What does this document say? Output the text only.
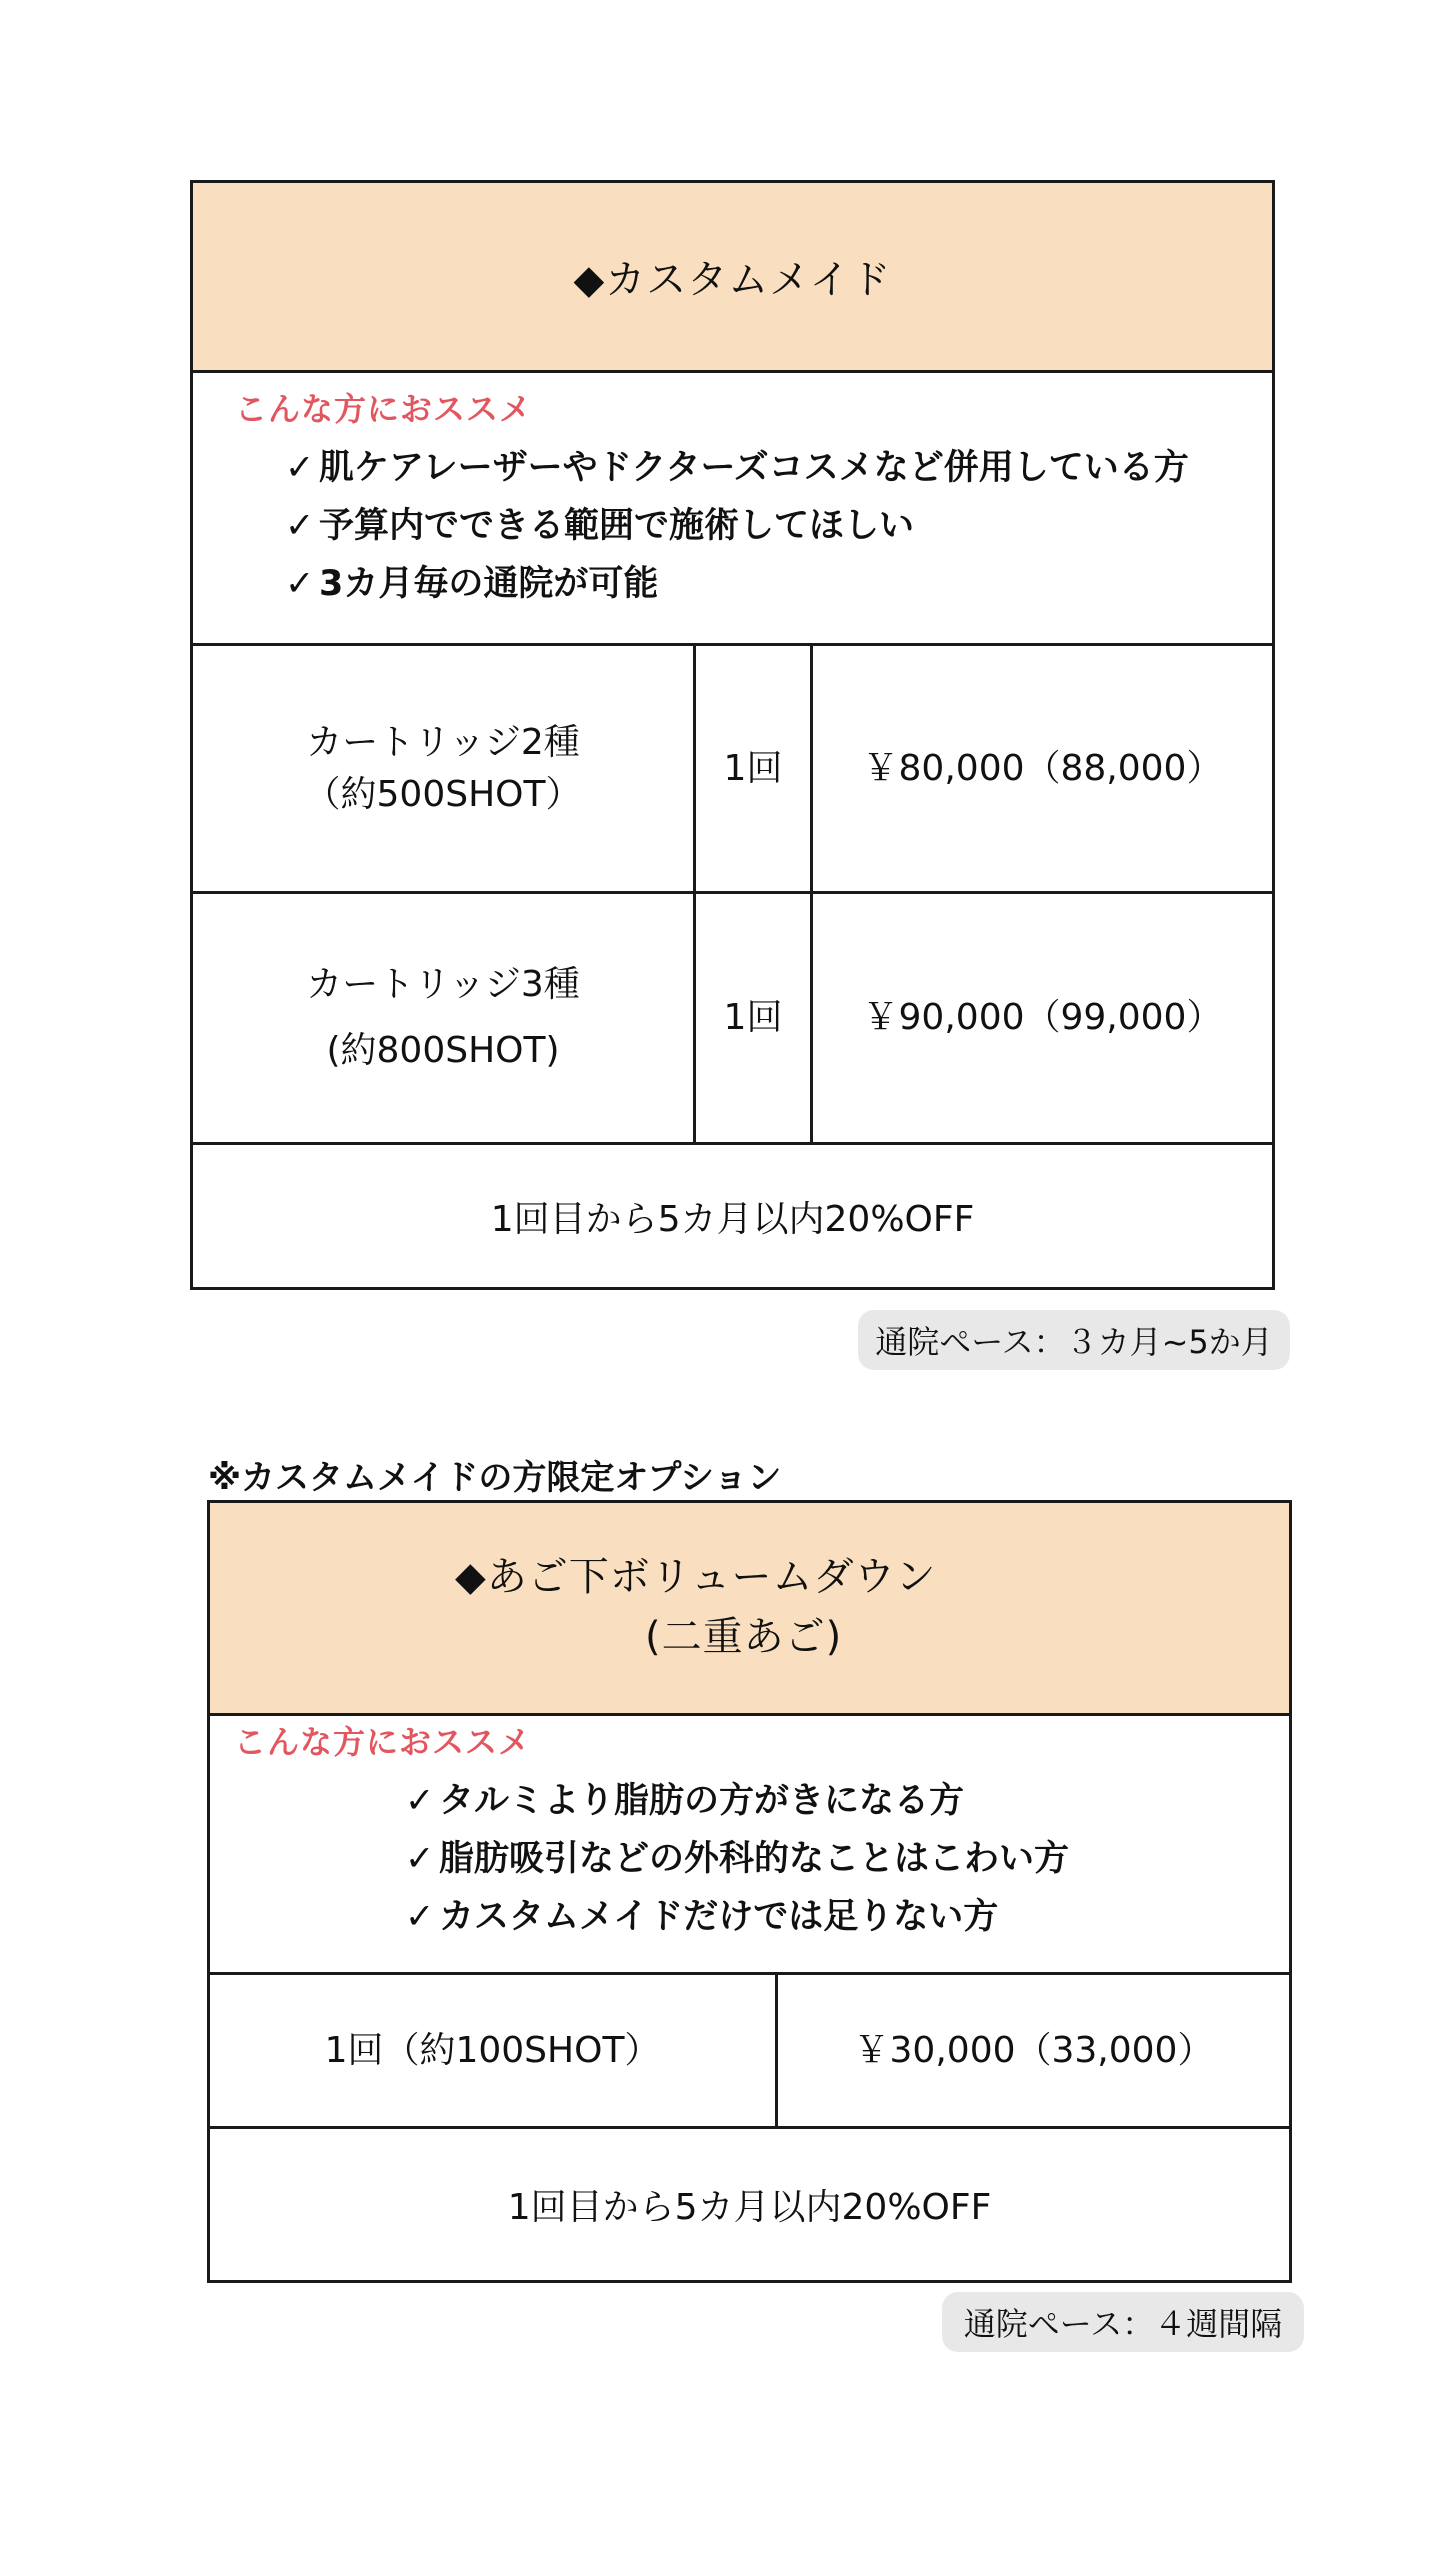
◆カスタムメイド
こんな方におススメ
✓ 肌ケアレーザーやドクターズコスメなど併用している方
✓ 予算内でできる範囲で施術してほしい
✓ 3カ月毎の通院が可能
カートリッジ2種
（約500SHOT）
1回 ￥80,000（88,000）
カートリッジ3種
(約800SHOT)
1回 ￥90,000（99,000）
1回目から5カ月以内20%OFF
通院ペース：３カ月~5か月
※カスタムメイドの方限定オプション
◆あご下ボリュームダウン
(二重あご)
こんな方におススメ
✓ タルミより脂肪の方がきになる方
✓ 脂肪吸引などの外科的なことはこわい方
✓ カスタムメイドだけでは足りない方
1回（約100SHOT）	￥30,000（33,000）
1回目から5カ月以内20%OFF
通院ペース：４週間隔
